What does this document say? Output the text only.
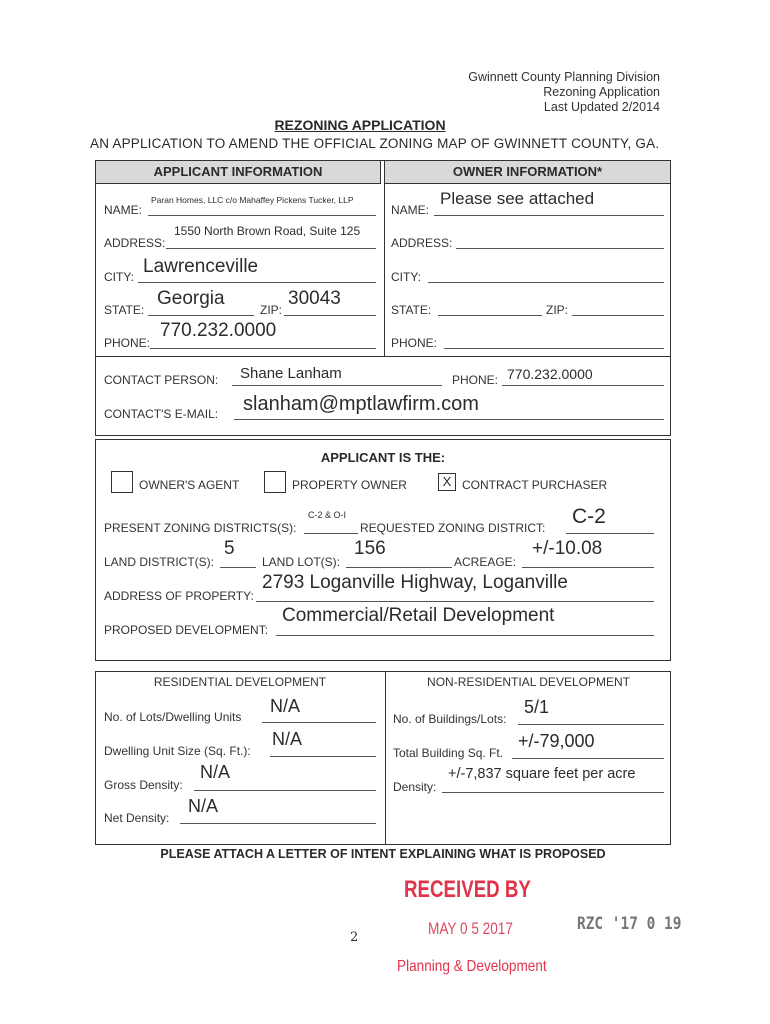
Gwinnett County Planning Division
Rezoning Application
Last Updated 2/2014
REZONING APPLICATION
AN APPLICATION TO AMEND THE OFFICIAL ZONING MAP OF GWINNETT COUNTY, GA.
APPLICANT INFORMATION	OWNER INFORMATION*
NAME:
Paran Homes, LLC c/o Mahaffey Pickens Tucker, LLP
ADDRESS:
1550 North Brown Road, Suite 125
CITY: Lawrenceville
STATE:
Georgia
ZIP:
30043
PHONE:
770.232.0000
NAME:
Please see attached
ADDRESS:
CITY:
STATE:	ZIP:
PHONE:
CONTACT PERSON: Shane Lanham	PHONE: 770.232.0000
CONTACT'S E-MAIL: slanham@mptlawfirm.com
APPLICANT IS THE:
OWNER'S AGENT	PROPERTY OWNER	X CONTRACT PURCHASER
PRESENT ZONING DISTRICTS(S):
C-2 & O-I
REQUESTED ZONING DISTRICT: C-2
LAND DISTRICT(S):
5
LAND LOT(S):
156
ACREAGE:
+/-10.08
ADDRESS OF PROPERTY:
2793 Loganville Highway, Loganville
PROPOSED DEVELOPMENT:
Commercial/Retail Development
RESIDENTIAL DEVELOPMENT	NON-RESIDENTIAL DEVELOPMENT
No. of Lots/Dwelling Units
N/A
Dwelling Unit Size (Sq. Ft.):
N/A
Gross Density:
N/A
Net Density:
N/A
No. of Buildings/Lots:
5/1
Total Building Sq. Ft.
+/-79,000
Density:
+/-7,837 square feet per acre
PLEASE ATTACH A LETTER OF INTENT EXPLAINING WHAT IS PROPOSED
RECEIVED BY
MAY 0 5 2017	RZC '17 0 19
Planning & Development
2
